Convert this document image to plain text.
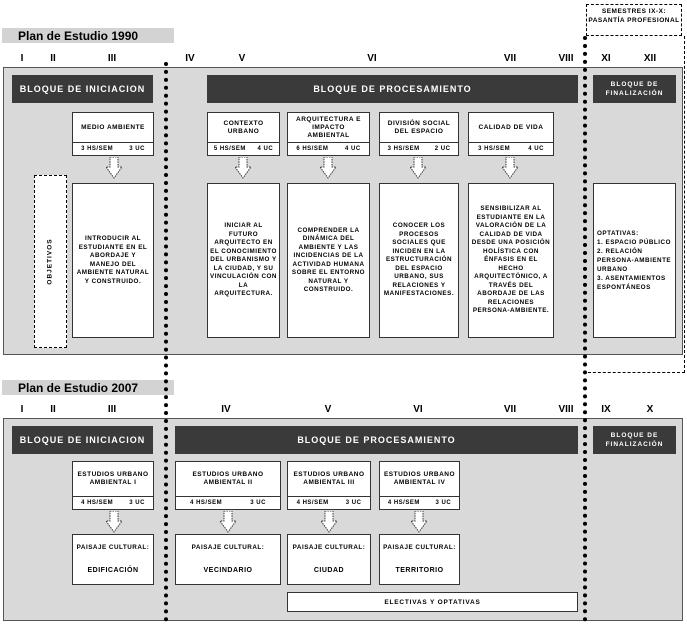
Plan de Estudio 1990
SEMESTRES IX-X: PASANTÍA PROFESIONAL
I	II	III	IV	V	VI	VII	VIII	XI	XII
BLOQUE DE INICIACION	BLOQUE DE PROCESAMIENTO	BLOQUE DE FINALIZACIÓN
OBJETIVOS
MEDIO AMBIENTE
3 HS/SEM	3 UC
CONTEXTO URBANO
5 HS/SEM 4 UC
ARQUITECTURA E IMPACTO AMBIENTAL
6 HS/SEM	4 UC
DIVISIÓN SOCIAL DEL ESPACIO
3 HS/SEM	2 UC
CALIDAD DE VIDA
3 HS/SEM	4 UC
INTRODUCIR AL ESTUDIANTE EN EL ABORDAJE Y MANEJO DEL AMBIENTE NATURAL Y CONSTRUIDO.
INICIAR AL FUTURO ARQUITECTO EN EL CONOCIMIENTO DEL URBANISMO Y LA CIUDAD, Y SU VINCULACIÓN CON LA ARQUITECTURA.
COMPRENDER LA DINÁMICA DEL AMBIENTE Y LAS INCIDENCIAS DE LA ACTIVIDAD HUMANA SOBRE EL ENTORNO NATURAL Y CONSTRUIDO.
CONOCER LOS PROCESOS SOCIALES QUE INCIDEN EN LA ESTRUCTURACIÓN DEL ESPACIO URBANO, SUS RELACIONES Y MANIFESTACIONES.
SENSIBILIZAR AL ESTUDIANTE EN LA VALORACIÓN DE LA CALIDAD DE VIDA DESDE UNA POSICIÓN HOLÍSTICA CON ÉNFASIS EN EL HECHO ARQUITECTÓNICO, A TRAVÉS DEL ABORDAJE DE LAS RELACIONES PERSONA-AMBIENTE.
OPTATIVAS:
1. ESPACIO PÚBLICO
2. RELACIÓN PERSONA-AMBIENTE URBANO
3. ASENTAMIENTOS ESPONTÁNEOS
Plan de Estudio 2007
I	II	III	IV	V	VI	VII	VIII	IX	X
BLOQUE DE INICIACION	BLOQUE DE PROCESAMIENTO	BLOQUE DE FINALIZACIÓN
ESTUDIOS URBANO AMBIENTAL I
4 HS/SEM	3 UC
ESTUDIOS URBANO AMBIENTAL II
4 HS/SEM	3 UC
ESTUDIOS URBANO AMBIENTAL III
4 HS/SEM	3 UC
ESTUDIOS URBANO AMBIENTAL IV
4 HS/SEM	3 UC
PAISAJE CULTURAL:
EDIFICACIÓN
PAISAJE CULTURAL:
VECINDARIO
PAISAJE CULTURAL:
CIUDAD
PAISAJE CULTURAL:
TERRITORIO
ELECTIVAS Y OPTATIVAS
